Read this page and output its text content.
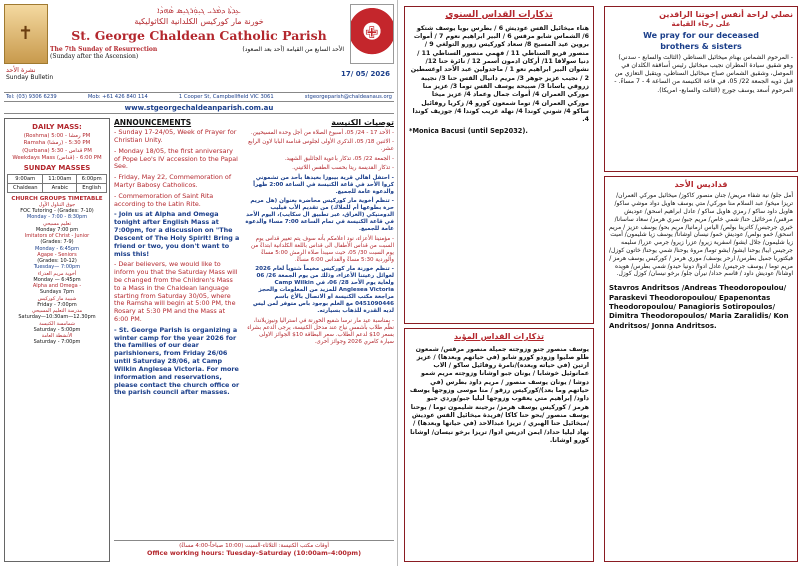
✝
ܥܹܕܬܵܐ ܕܡܵܪܝ ܓܝܼܘܲܪܓܝܼܣ ܣܵܗܕܵܐ
خورنة مار كوركيس الكلدانية الكاثوليكية
St. George Chaldean Catholic Parish
The 7th Sunday of Resurrection
(Sunday after the Ascension)
الأحد السابع من القيامة (أحد بعد الصعود)
نشرة الأحد
Sunday Bulletin	17/ 05/ 2026
✙
Tel: (03) 9306 6239	Mob: +61 426 840 114	1 Cooper St, Campbellfield VIC 3061	stgeorgeparish@chaldeanaus.org
www.stgeorgechaldeanparish.com.au
DAILY MASS:
(Roshma) رمشا - 5:00 PM
Ramsha (رمشا) - 5:30 PM
(Qurbana) قداس - 5:30 PM
Weekdays Mass (قداس) - 6:00 PM
SUNDAY MASSES
9:00am	11:00am	6:00pm
Chaldean	Arabic	English
CHURCH GROUPS TIMETABLE
جوق التناول الأول
FOC Tutoring - (Grades: 7-10)
Monday - 7:00 - 8:30pm
تعليم مسيحي
Monday 7:00 pm
Imitators of Christ - Junior
(Grades: 7-9)
Monday - 6:45pm
Agape - Seniors
(Grades: 10-12)
Tuesday— 7:00pm
أخوية مريم العذراء
Monday — 6:45pm
Alpha and Omega -
Sundays 7pm
شبيبة مار كوركيس
Friday - 7:00pm
مدرسة التعليم المسيحي
Saturday—10:30am—12.30pm
شمامسة الكنيسة
Saturday - 5:00pm
الأنشطة العامة
Saturday - 7:00pm
ANNOUNCEMENTS

- Sunday 17-24/05, Week of Prayer for Christian Unity.

- Monday 18/05, the first anniversary of Pope Leo's IV accession to the Papal See.

- Friday, May 22, Commemoration of Martyr Babosy Catholicos.

- Commemoration of Saint Rita according to the Latin Rite.

- Join us at Alpha and Omega tonight after English Mass at 7:00pm, for a discussion on "The Descent of The Holy Spirit! Bring a friend or two, you don't want to miss this!

- Dear believers, we would like to inform you that the Saturday Mass will be changed from the Children's Mass to a Mass in the Chaldean language starting from Saturday 30/05, where the Ramsha will begin at 5:00 PM, the Rosary at 5:30 PM and the Mass at 6:00 PM.

- St. George Parish is organizing a winter camp for the year 2026 for the families of our dear parishioners, from Friday 26/06 until Saturday 28/06, at Camp Wilkin Anglesea Victoria. For more information and reservations, please contact the church office or the parish council after masses.

توصيات الكنيسة

- الأحد 17 - 24/ 05، أسبوع الصلاة من أجل وحدة المسيحيين.

- الاثنين 18/ 05، الذكرى الأولى لجلوس قداسة البابا لاون الرابع عشر.

- الجمعة 22/ 05، تذكار باعوية الجاثليق الشهيد.

- تذكار القديسة ريتا بحسب الطقس اللاتيني.

- احتفل اهالي قرية بيبوزا بعيدها بأحد من تشموني كروا الأحد في قاعة الكنيسة في الساعة 2:00 ظهراً والدعوة عامة للجميع.

- تنظم أخوية مار كوركيس محاضرة بعنوان (هل مريم حرة بطوعها أم للملاك) من تقديم الأب فيليب الدومنيكي (العراق، عبر تطبيق ال سكايب)، اليوم الأحد في قاعة الكنيسة في تمام الساعة 7:00 مساءً والدعوة عامة للجميع.

- مؤمنينا الأعزاء، نود اعلامكم بأنه سوف يتم تغيير قداس يوم السبت من قداس الأطفال الى قداس باللغة الكلدانية ابتداءً من يوم السبت 30/ 05، حيث سيبدأ صلاة الرمش 5:00 مساءً والوردية 5:30 مساءً والقداس 6:00 مساءً.

- تنظم خورنة مار كوركيس مخيماً شتوياً لعام 2026 لعوائل رعيتنا الأعزاء، وذلك من يوم الجمعة 26/ 06 ولغاية يوم الأحد 28/ 06، في Camp Wilkin Anglesea Victoria للمزيد من المعلومات والحجز مراجعة مكتب الكنيسة او الاتصال بالأخ باسم 0451090446 مع العلم بوجود باص متوفر لمن ليس لديه القدرة للذهاب بسيارته.

- بمناسبة عيد مار نرسا شفيع الخورنة في استراليا ونيوزيلاندا، نظّم طلاب بأشمس نياح عند مدخل الكنيسة، يرجى الدعم بشراء بسعر 10$ لدعم الطلاب. سعر البطاقة 10$ الجوائز الاولى سيارة كامري 2026 وجوائز أخرى.

أوقات مكتب الكنيسة: الثلاثاء-السبت (10:00 صباحاً-4:00 مساءً)
Office working hours: Tuesday–Saturday (10:00am–4:00pm)
تذكارات القداس السنوي
هناء ميخائيل القس عوديش 6 / بطرس بويا يوسف شتكو 6/ الشماس شابو مرقس 6 / البير ابراهيم نعوم 7 / أموات بروين عيد المسيح 8/ سعاد كوركيس زورو التولغي 9 / منصور قريو السناطي 11 / فهمي منصور السناطي 11 / دنيا سولاقا 11/ أركان ادمون أسمر 12 / نائرة حنا 12/ نشوان البير ابراهيم نعو 1 / ماجدولين عبد الأحد اوغسطين 2 / نجيب عزيز جوهر 3/ مريم دانيال القس حنا 3/ نجيبة زروقي ياسانا 3/ صبيحة يوسف القس توما 3/ عزيز منا موركي العمران 4/ أموات جمال وعماد 4/ عزيز ميخا موركي العمران 4/ توما شمعون كورو 4/ زكريا روفائيل ساكو 4/ شوني كوندا 4/ نهلة غريب كوندا 4/ جوزيف كوندا 4.
*Monica Bacusi (until Sep2032).
نصلي لراحة أنفس إخوتنا الراقدين
على رجاء القيامة
We pray for our deceased
brothers & sisters
- المرحوم الشماس بهنام ميخائيل السناطي (الثالث والسابع - سدني) وهو شقيق سيادة المطران نجيب ميخائيل رئيس أساقفة الكلدان في الموصل، وشقيق الشماس صباح ميخائيل السناطي، ويتقبل التعازي من قبل ذويه الجمعة 22/ 05، في قاعة الكنيسة من الساعة 4 - 7 مساءً. - المرحوم أسعد يوسف جورج (الثالث والسابع- امريكا).
تذكارات القداس المؤبد
يوسف منصور جنو وزوجته جميلة منصور مرقس/ شمعون طلو صليوا وزودو كورو شابو (في حياتهم وبعدها) / عزيز ارتين (في حياته وبعده)/نامرة روفائيل ساكو / الاب عمانوئيل خوشابا / يونان جبو اوشانا وزوجته مريم شمو دوشا / يونان يوسف منصور / مريم داود بطرس (في حياتهم وما بعد)/كوركيس رزقو / منا موسى وزوجها يوسف داود/ إبراهيم متي يعقوب وزوجها ليليا جبو/وردي جبو هرمز / كوركيس يوسف هرمز/ برجينة شليمون توما / يوحنا يوسف منصور /بحو حنا كاكا /فريدة ميخائيل القس عوديش /ميخائيل حنا الهبري / تريزا عبدالاحد (في حياتها وبعدها) / نهاد ليليا حداد/ ايمن ادريس ادوا/ تريزا برخو نيسان/ اوشانا كورو اوشانا.
قداديس الأحد
أمل جلو/ نية شفاء مريض/ جنان منصور كاكوز/ ميخائيل موركي العمران/ تريزا ميخو/ عبد السلام منا موركي/ متي يوسف هاويل دواد موشي ساكو/ هاويل داود ساكو / رمزي هاويل ساكو / عادل ابراهيم اسحق/ عوديش مرقس/ مرخائيل حنا/ شمي خاص/ مريم جبو/ سري هرمز/ سعاد ساسانا/ خيري جرجيس/ كاترينا بولص/ الياس ارمانيا/ مريم بحو/ يوسف عزيز / مريم اسحق/ خمو بولص/ عوديش خمو/ نيسان اوشانا/ يوسف زيا شليمون/ أميت زيا شليمون/ جلال ايشو/ اسفرية زيرو/ عزرا زيرو/ جرمي عزرا/ سليمه جرجيس ايبا/ يوحنا ايشو/ ايشو توما/ مروة يوحنا/ شمي يوحنا/ خاتون كوزل/ فيكتوريا جميل بطرس/ ارحر يوسف/ موري هرمز / كوركيس يوسف هرمز / مريم توما / يوسف جرجيس/ عادل ادوا/ دونيا حيدو/ شمي بطرس/ هويده اوشانا/ عوديش داود / قاسم حداد/ نيران جلو/ برخو نيسان/ كوزل كوزل.
Stavros Andritsos /Andreas Theodoropoulou/ Paraskevi Theodoropoulou/ Epapenontas Theodoropoulou/ Panagioris Sotiropoulos/ Dimitra Theodoropoulos/ Maria Zaralidis/ Kon Andritsos/ Jonna Andritsos.
